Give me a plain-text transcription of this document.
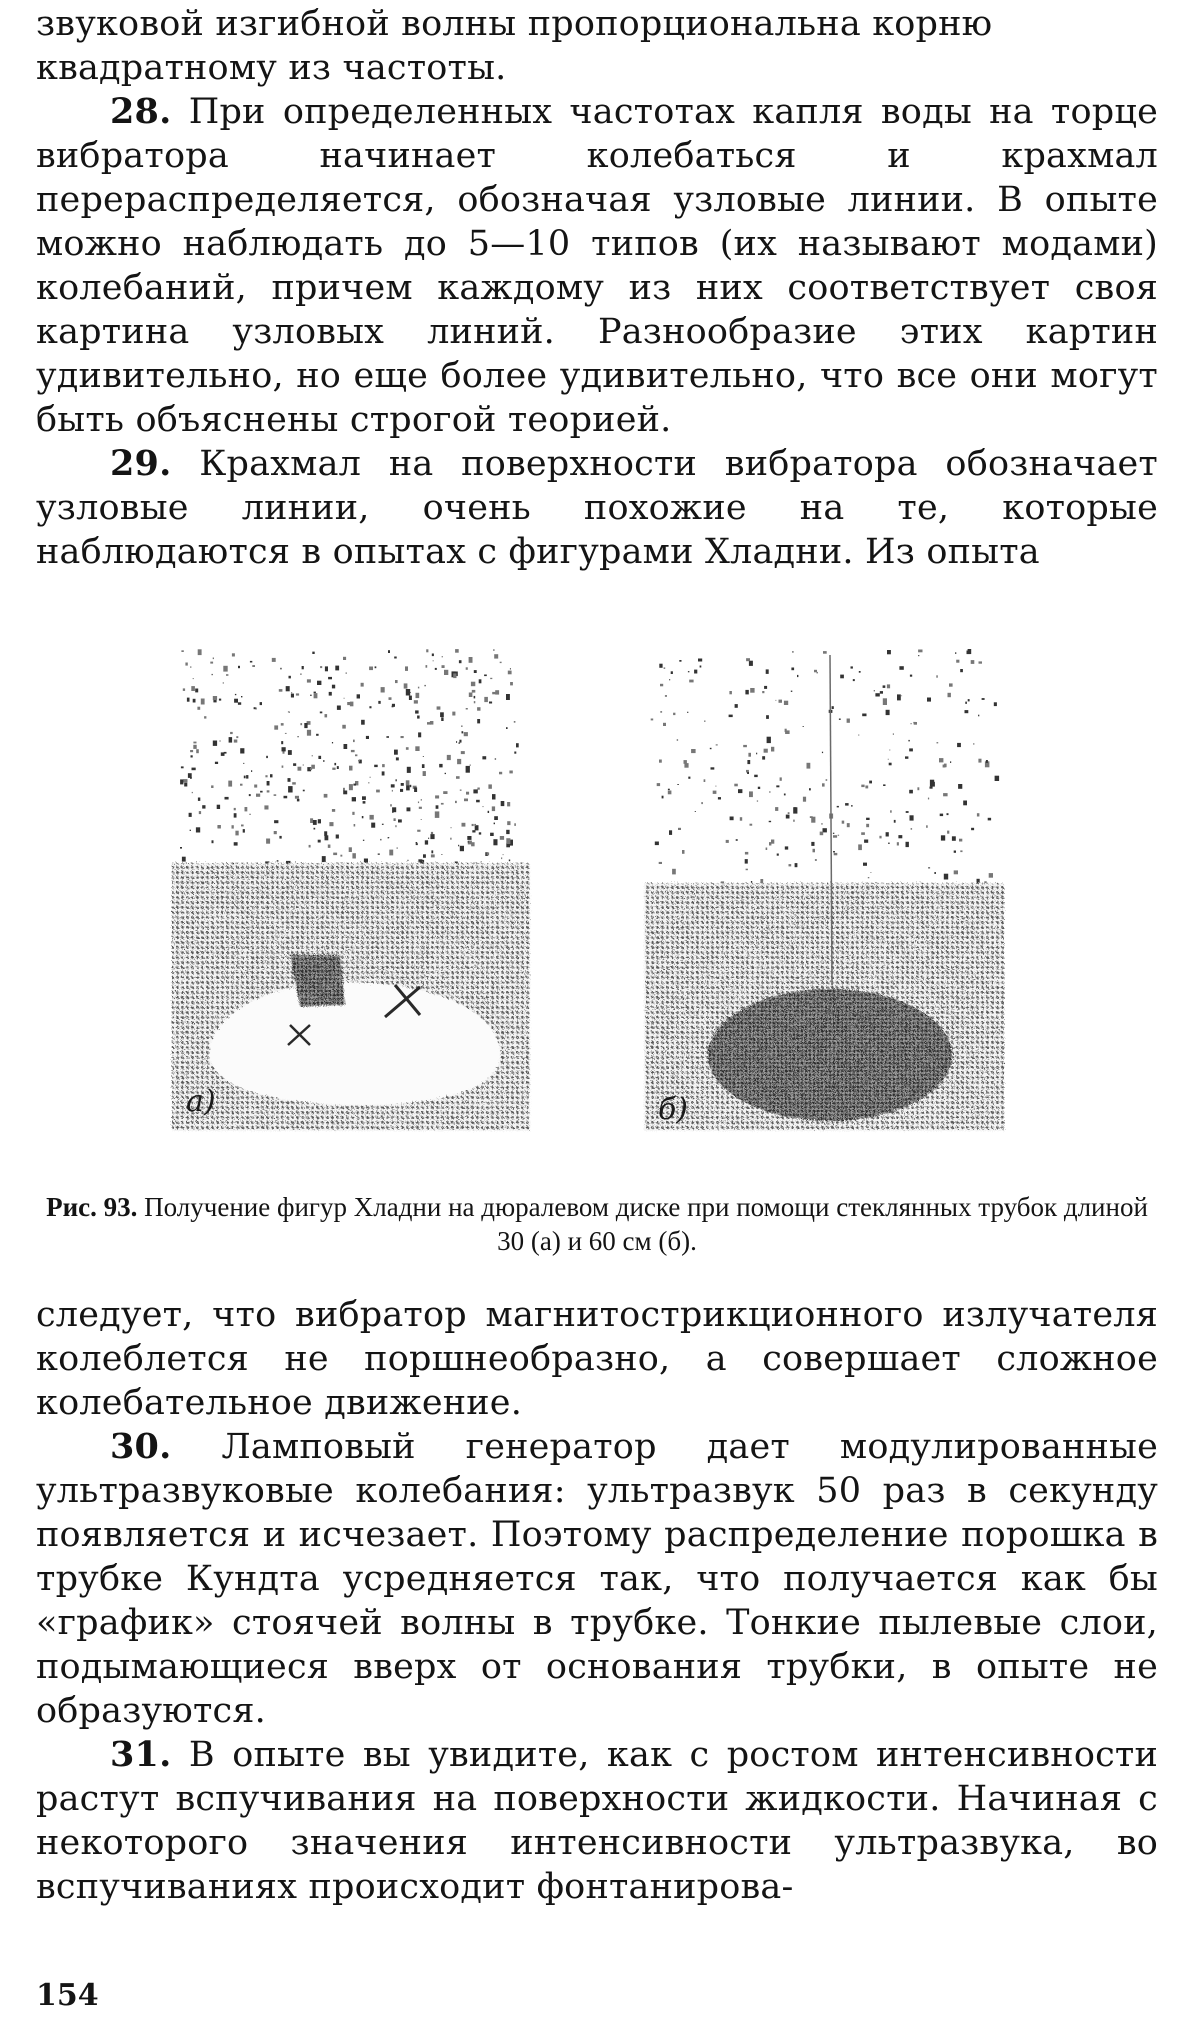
звуковой изгибной волны пропорциональна корню
квадратному из частоты.

28. При определенных частотах капля воды на торце вибратора начинает колебаться и крахмал перераспределяется, обозначая узловые линии. В опыте можно наблюдать до 5—10 типов (их называют модами) колебаний, причем каждому из них соответствует своя картина узловых линий. Разнообразие этих картин удивительно, но еще более удивительно, что все они могут быть объяснены строгой теорией.

29. Крахмал на поверхности вибратора обозначает узловые линии, очень похожие на те, которые наблюдаются в опытах с фигурами Хладни. Из опыта

а)	б)
Рис. 93. Получение фигур Хладни на дюралевом диске при помощи стеклянных трубок длиной 30 (а) и 60 см (б).

следует, что вибратор магнитострикционного излучателя колеблется не поршнеобразно, а совершает сложное колебательное движение.

30. Ламповый генератор дает модулированные ультразвуковые колебания: ультразвук 50 раз в секунду появляется и исчезает. Поэтому распределение порошка в трубке Кундта усредняется так, что получается как бы «график» стоячей волны в трубке. Тонкие пылевые слои, подымающиеся вверх от основания трубки, в опыте не образуются.

31. В опыте вы увидите, как с ростом интенсивности растут вспучивания на поверхности жидкости. Начиная с некоторого значения интенсивности ультразвука, во вспучиваниях происходит фонтанирова-

154
